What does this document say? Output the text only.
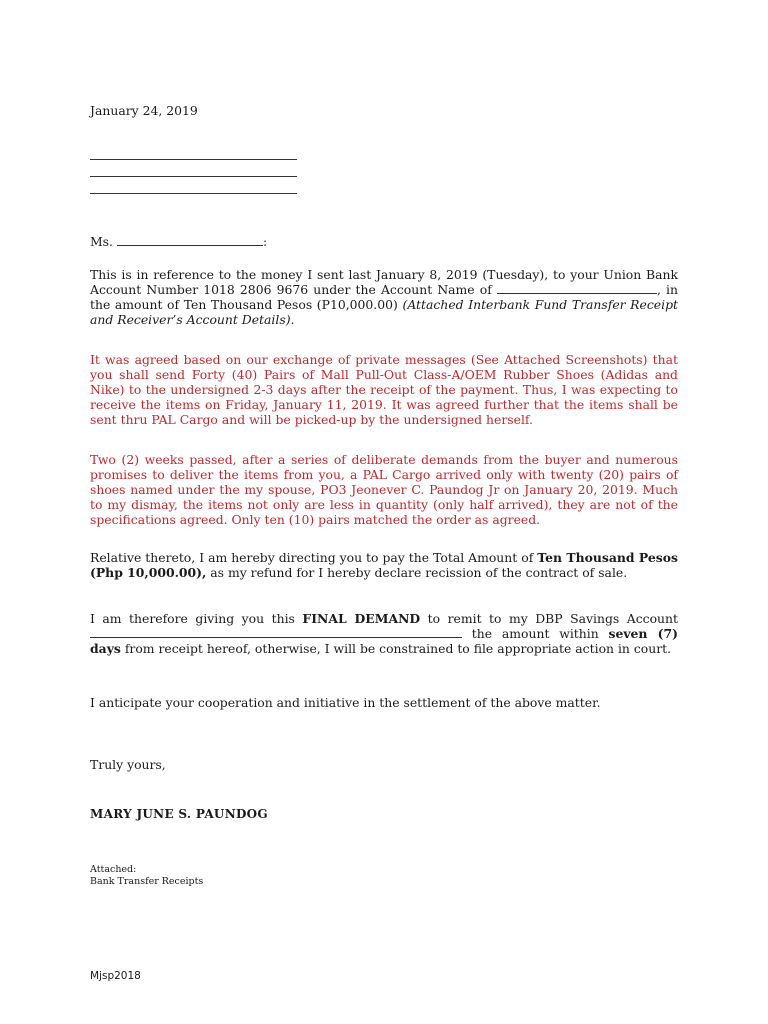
January 24, 2019
Ms.	:
This is in reference to the money I sent last January 8, 2019 (Tuesday), to your Union Bank Account Number 1018 2806 9676 under the Account Name of	, in the amount of Ten Thousand Pesos (P10,000.00) (Attached Interbank Fund Transfer Receipt and Receiver’s Account Details).
It was agreed based on our exchange of private messages (See Attached Screenshots) that you shall send Forty (40) Pairs of Mall Pull-Out Class-A/OEM Rubber Shoes (Adidas and Nike) to the undersigned 2-3 days after the receipt of the payment. Thus, I was expecting to receive the items on Friday, January 11, 2019. It was agreed further that the items shall be sent thru PAL Cargo and will be picked-up by the undersigned herself.
Two (2) weeks passed, after a series of deliberate demands from the buyer and numerous promises to deliver the items from you, a PAL Cargo arrived only with twenty (20) pairs of shoes named under the my spouse, PO3 Jeonever C. Paundog Jr on January 20, 2019. Much to my dismay, the items not only are less in quantity (only half arrived), they are not of the specifications agreed. Only ten (10) pairs matched the order as agreed.
Relative thereto, I am hereby directing you to pay the Total Amount of Ten Thousand Pesos (Php 10,000.00), as my refund for I hereby declare recission of the contract of sale.
I am therefore giving you this FINAL DEMAND to remit to my DBP Savings Account  the amount within seven (7) days from receipt hereof, otherwise, I will be constrained to file appropriate action in court.
I anticipate your cooperation and initiative in the settlement of the above matter.
Truly yours,
MARY JUNE S. PAUNDOG
Attached:
Bank Transfer Receipts
Mjsp2018
